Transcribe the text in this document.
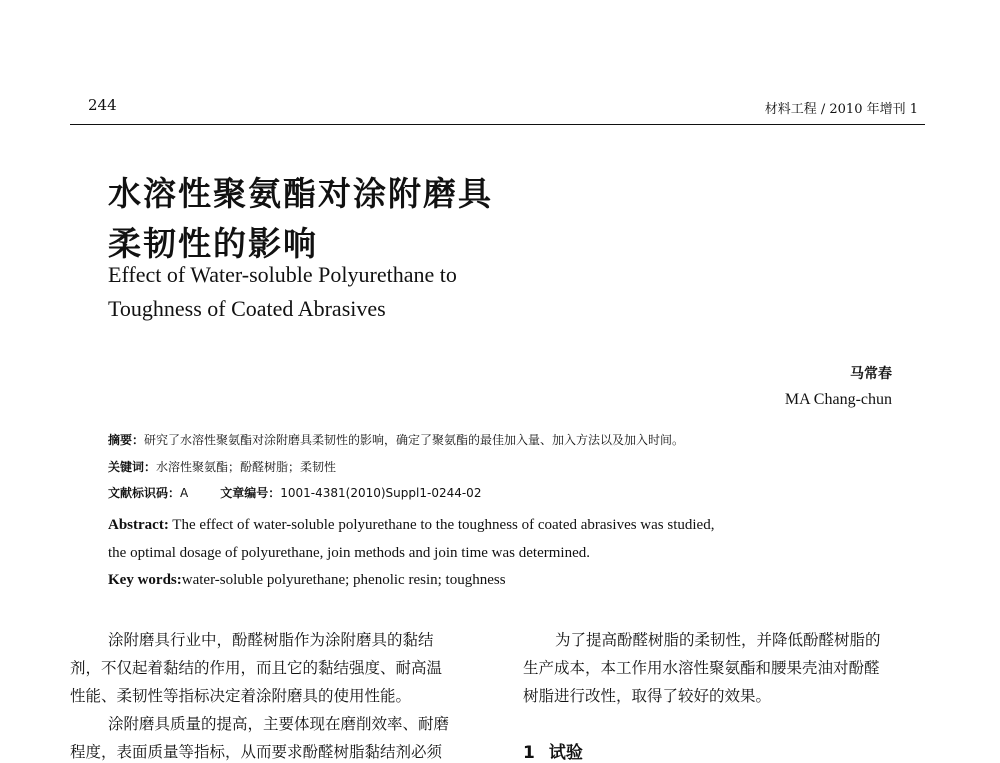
244	材料工程 / 2010 年增刊 1
水溶性聚氨酯对涂附磨具
柔韧性的影响
Effect of Water-soluble Polyurethane to
Toughness of Coated Abrasives
马常春
MA Chang-chun
摘要：研究了水溶性聚氨酯对涂附磨具柔韧性的影响，确定了聚氨酯的最佳加入量、加入方法以及加入时间。
关键词：水溶性聚氨酯；酚醛树脂；柔韧性
文献标识码：A	文章编号：1001-4381(2010)Suppl1-0244-02
Abstract: The effect of water-soluble polyurethane to the toughness of coated abrasives was studied,
the optimal dosage of polyurethane, join methods and join time was determined.
Key words:water-soluble polyurethane; phenolic resin; toughness
涂附磨具行业中，酚醛树脂作为涂附磨具的黏结
剂，不仅起着黏结的作用，而且它的黏结强度、耐高温
性能、柔韧性等指标决定着涂附磨具的使用性能。
涂附磨具质量的提高，主要体现在磨削效率、耐磨
程度，表面质量等指标，从而要求酚醛树脂黏结剂必须
为了提高酚醛树脂的柔韧性，并降低酚醛树脂的
生产成本，本工作用水溶性聚氨酯和腰果壳油对酚醛
树脂进行改性，取得了较好的效果。
1 试验
